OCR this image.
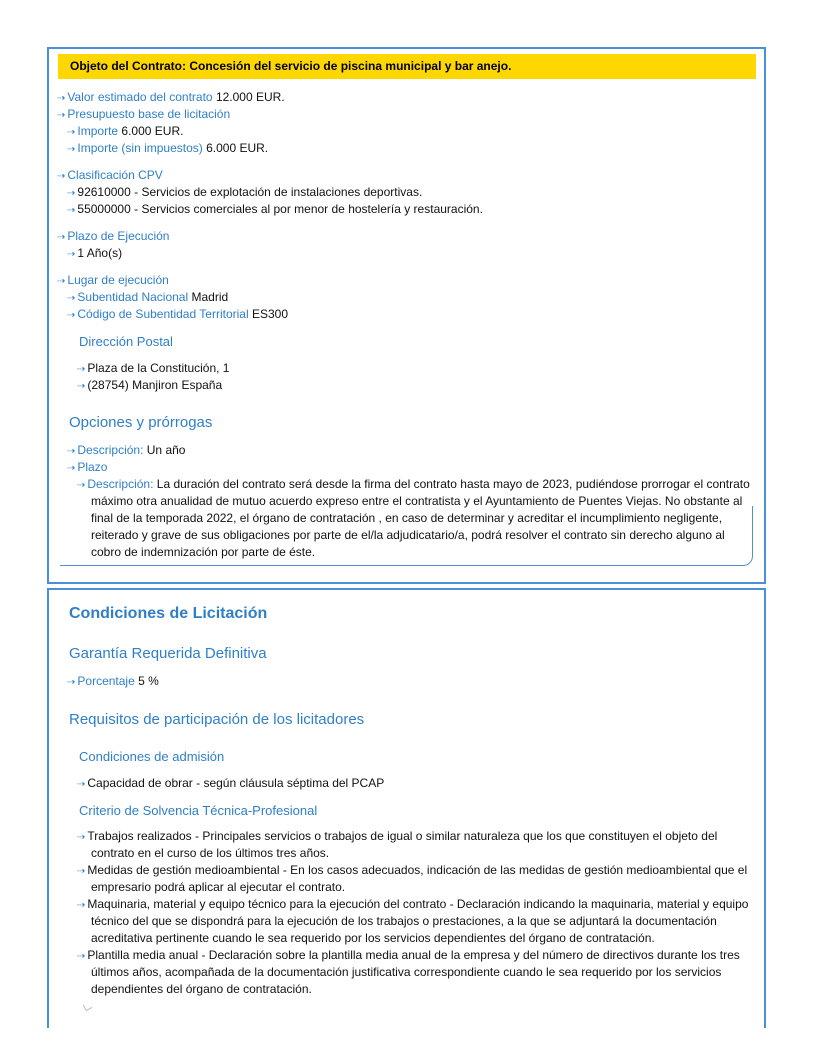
Objeto del Contrato: Concesión del servicio de piscina municipal y bar anejo.
⇢ Valor estimado del contrato 12.000 EUR.
⇢ Presupuesto base de licitación
⇢ Importe 6.000 EUR.
⇢ Importe (sin impuestos) 6.000 EUR.
⇢ Clasificación CPV
⇢ 92610000 - Servicios de explotación de instalaciones deportivas.
⇢ 55000000 - Servicios comerciales al por menor de hostelería y restauración.
⇢ Plazo de Ejecución
⇢ 1 Año(s)
⇢ Lugar de ejecución
⇢ Subentidad Nacional Madrid
⇢ Código de Subentidad Territorial ES300
Dirección Postal
⇢ Plaza de la Constitución, 1
⇢ (28754) Manjiron España
Opciones y prórrogas
⇢ Descripción: Un año
⇢ Plazo
⇢ Descripción: La duración del contrato será desde la firma del contrato hasta mayo de 2023, pudiéndose prorrogar el contrato
máximo otra anualidad de mutuo acuerdo expreso entre el contratista y el Ayuntamiento de Puentes Viejas. No obstante al
final de la temporada 2022, el órgano de contratación , en caso de determinar y acreditar el incumplimiento negligente,
reiterado y grave de sus obligaciones por parte de el/la adjudicatario/a, podrá resolver el contrato sin derecho alguno al
cobro de indemnización por parte de éste.
Condiciones de Licitación
Garantía Requerida Definitiva
⇢ Porcentaje 5 %
Requisitos de participación de los licitadores
Condiciones de admisión
⇢ Capacidad de obrar - según cláusula séptima del PCAP
Criterio de Solvencia Técnica-Profesional
⇢ Trabajos realizados - Principales servicios o trabajos de igual o similar naturaleza que los que constituyen el objeto del
contrato en el curso de los últimos tres años.
⇢ Medidas de gestión medioambiental - En los casos adecuados, indicación de las medidas de gestión medioambiental que el
empresario podrá aplicar al ejecutar el contrato.
⇢ Maquinaria, material y equipo técnico para la ejecución del contrato - Declaración indicando la maquinaria, material y equipo
técnico del que se dispondrá para la ejecución de los trabajos o prestaciones, a la que se adjuntará la documentación
acreditativa pertinente cuando le sea requerido por los servicios dependientes del órgano de contratación.
⇢ Plantilla media anual - Declaración sobre la plantilla media anual de la empresa y del número de directivos durante los tres
últimos años, acompañada de la documentación justificativa correspondiente cuando le sea requerido por los servicios
dependientes del órgano de contratación.
